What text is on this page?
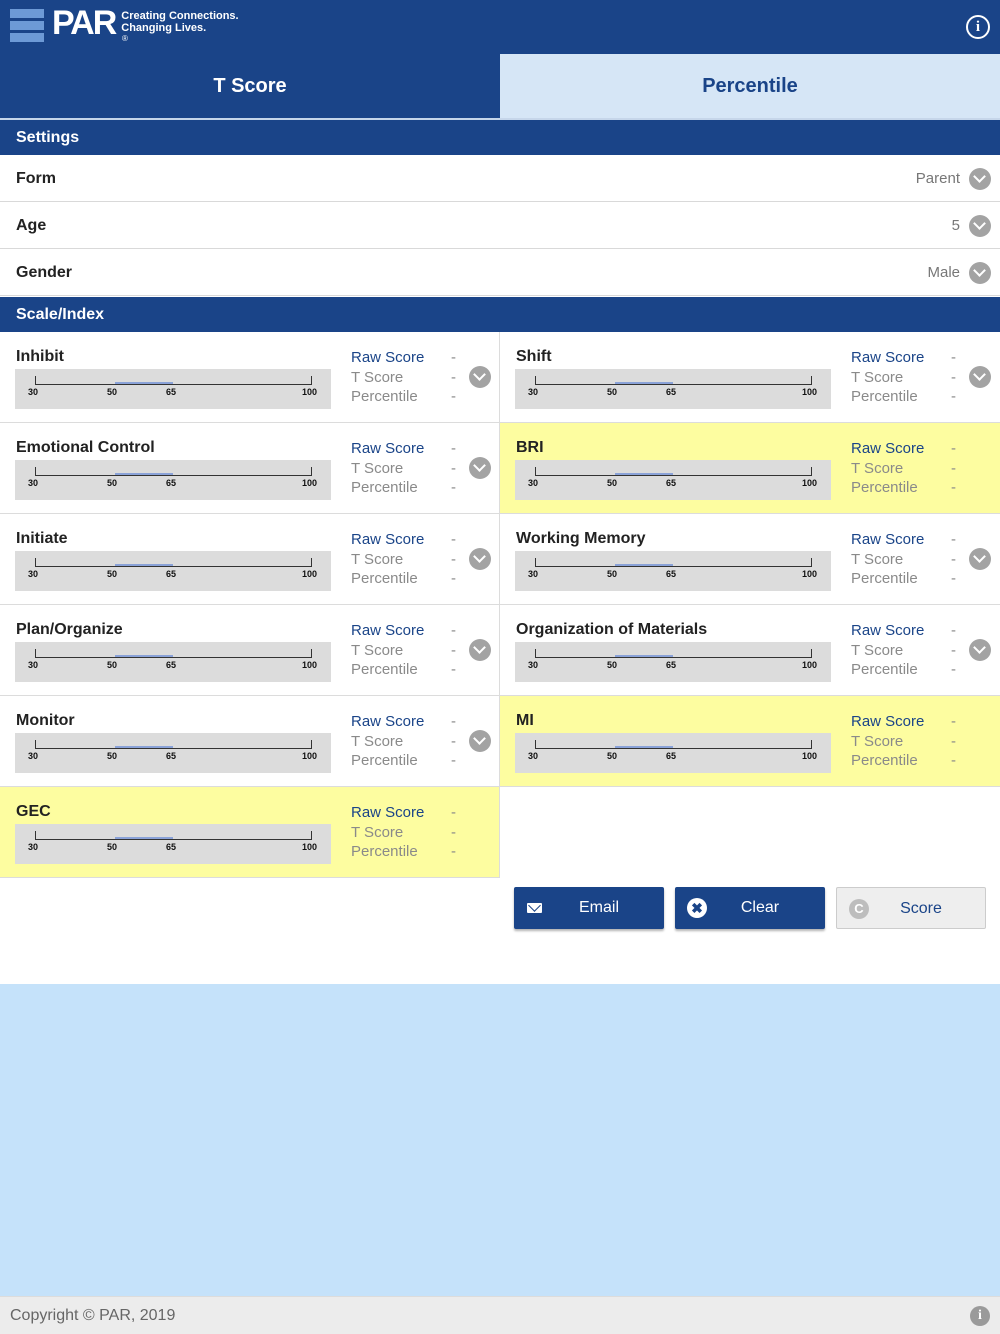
PAR Creating Connections.
Changing Lives.
®
i
T Score	Percentile
Settings
Form	Parent
Age	5
Gender	Male
Scale/Index
Inhibit
30	50	65	100
Raw Score -
T Score	-
Percentile -
Shift
30	50	65	100
Raw Score -
T Score	-
Percentile -
Emotional Control
30	50	65	100
Raw Score -
T Score	-
Percentile -
BRI
30	50	65	100
Raw Score -
T Score	-
Percentile -
Initiate
30	50	65	100
Raw Score -
T Score	-
Percentile -
Working Memory
30	50	65	100
Raw Score -
T Score	-
Percentile -
Plan/Organize
30	50	65	100
Raw Score -
T Score	-
Percentile -
Organization of Materials
30	50	65	100
Raw Score -
T Score	-
Percentile -
Monitor
30	50	65	100
Raw Score -
T Score	-
Percentile -
MI
30	50	65	100
Raw Score -
T Score	-
Percentile -
GEC
30	50	65	100
Raw Score -
T Score	-
Percentile -
Email	✖	Clear	C	Score
Copyright © PAR, 2019	i
